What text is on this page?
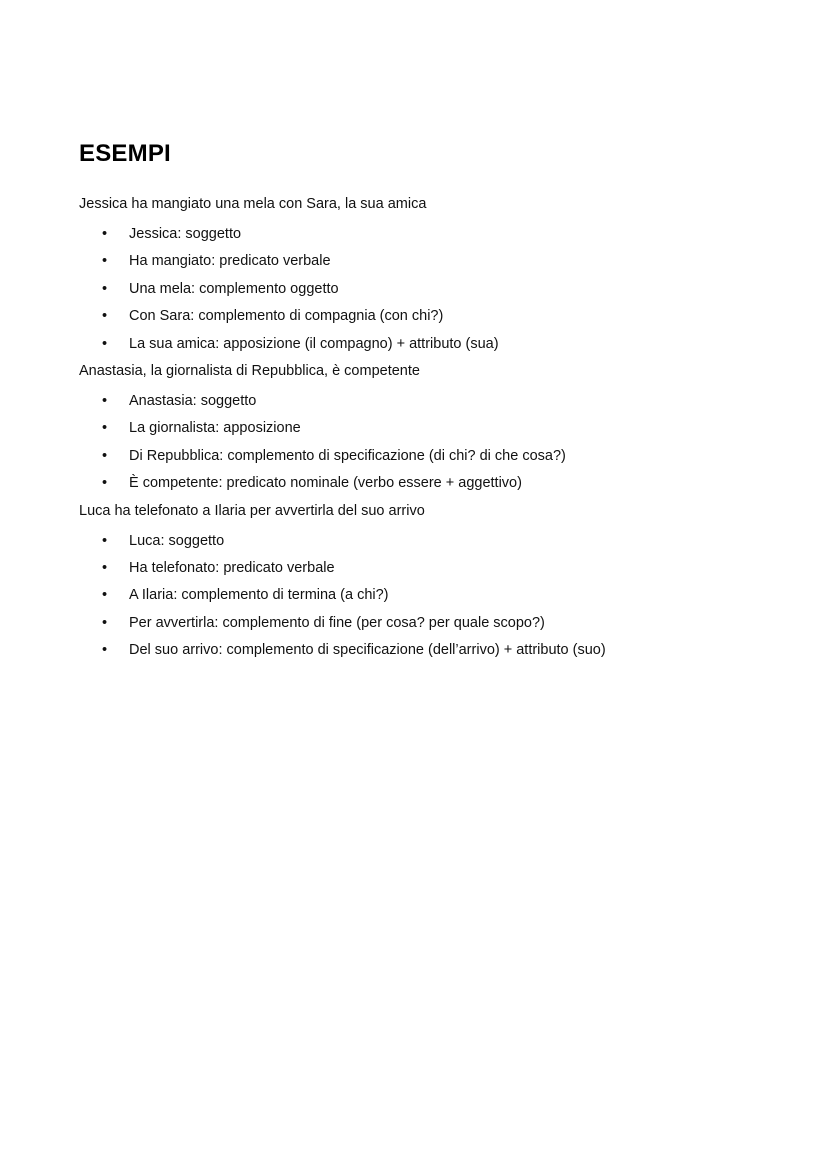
ESEMPI

Jessica ha mangiato una mela con Sara, la sua amica

• Jessica: soggetto
• Ha mangiato: predicato verbale
• Una mela: complemento oggetto
• Con Sara: complemento di compagnia (con chi?)
• La sua amica: apposizione (il compagno) + attributo (sua)

Anastasia, la giornalista di Repubblica, è competente

• Anastasia: soggetto
• La giornalista: apposizione
• Di Repubblica: complemento di specificazione (di chi? di che cosa?)
• È competente: predicato nominale (verbo essere + aggettivo)

Luca ha telefonato a Ilaria per avvertirla del suo arrivo

• Luca: soggetto
• Ha telefonato: predicato verbale
• A Ilaria: complemento di termina (a chi?)
• Per avvertirla: complemento di fine (per cosa? per quale scopo?)
• Del suo arrivo: complemento di specificazione (dell’arrivo) + attributo (suo)
